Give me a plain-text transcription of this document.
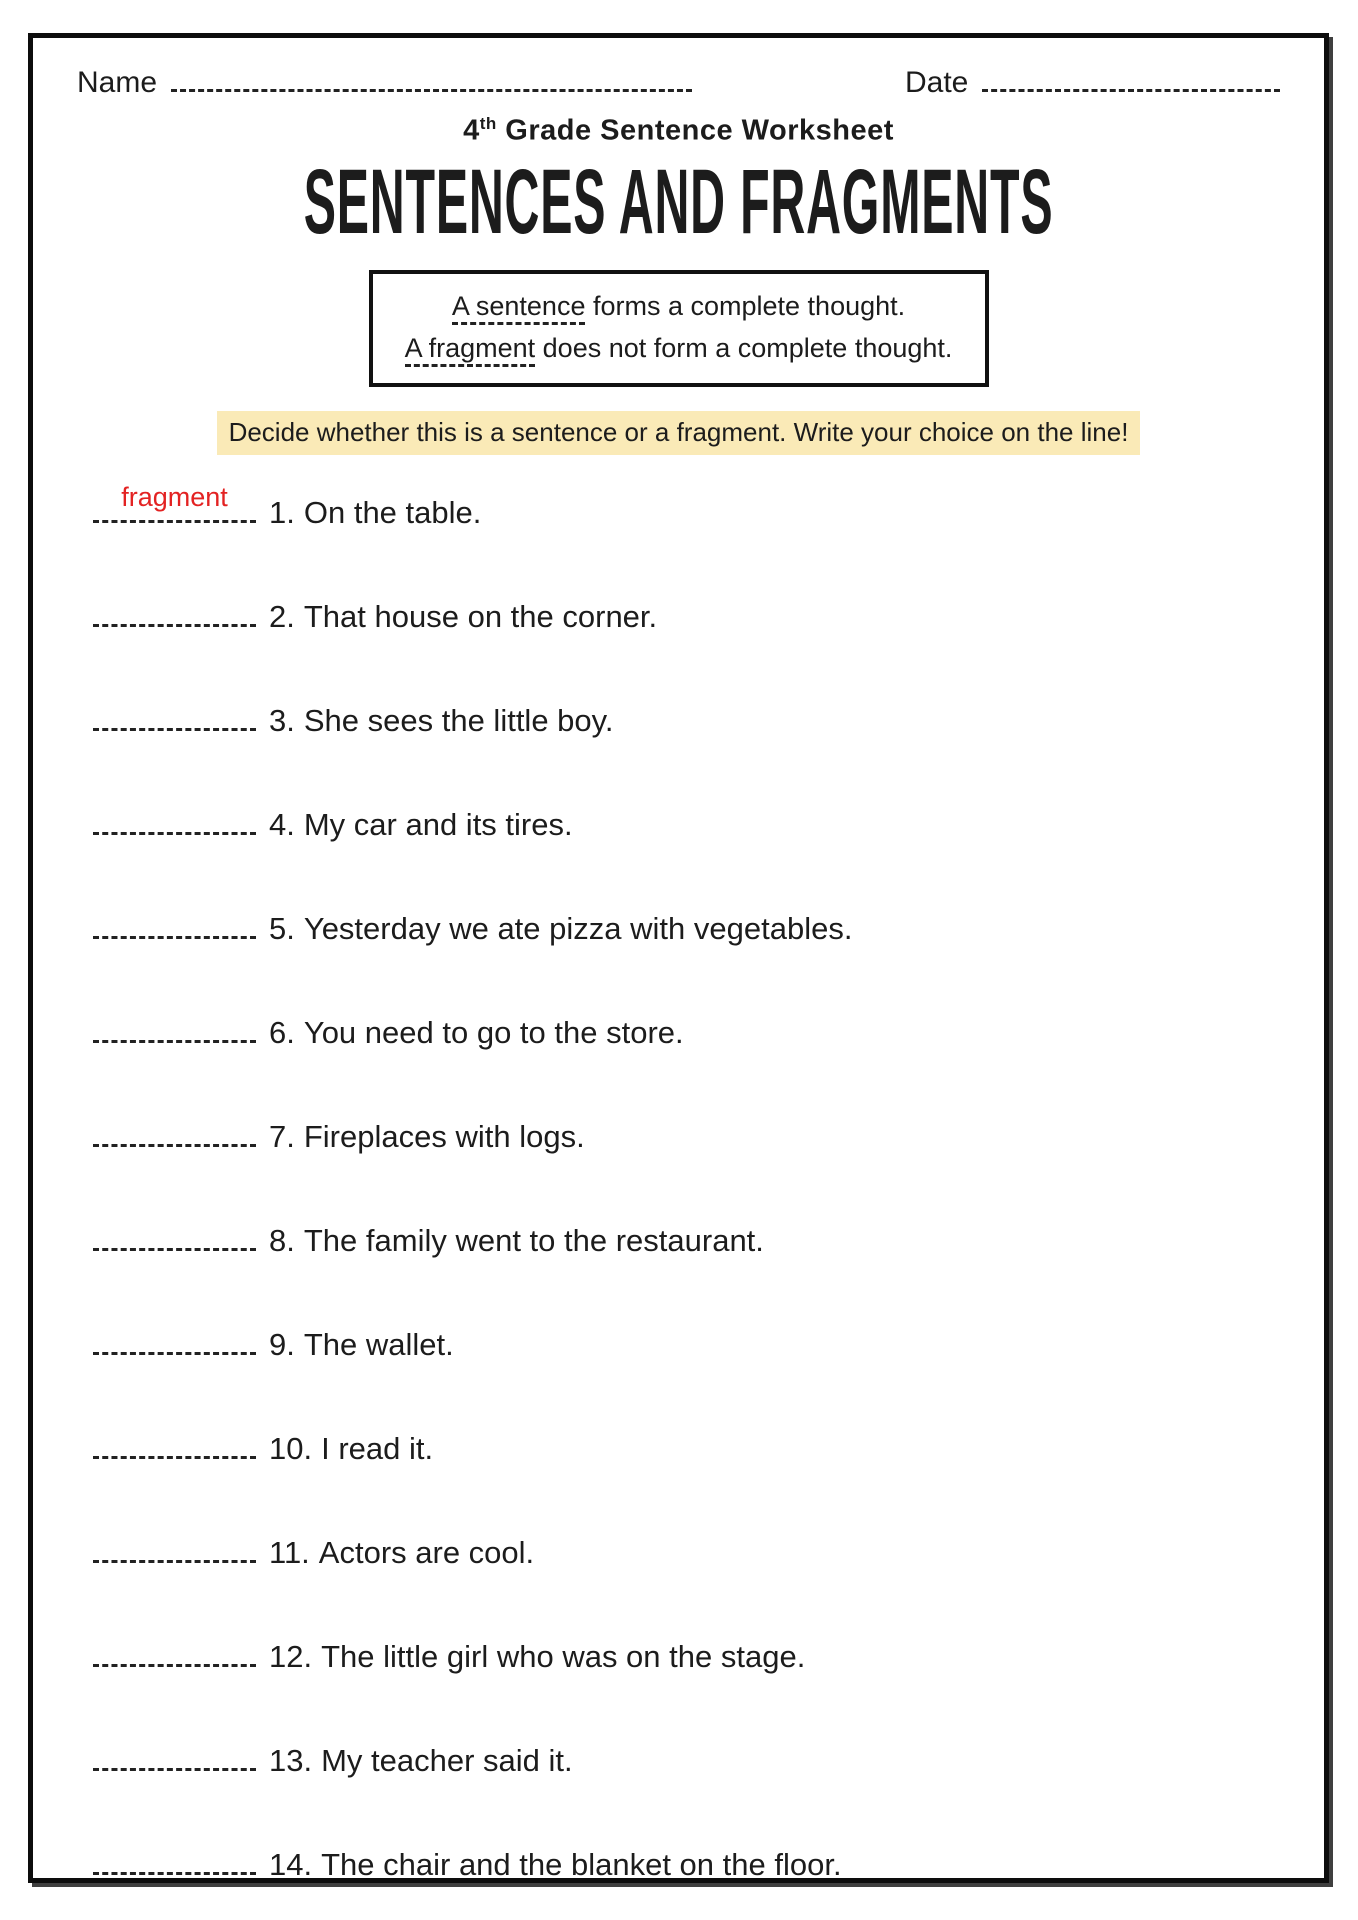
Name	Date
4th Grade Sentence Worksheet
SENTENCES AND FRAGMENTS
A sentence forms a complete thought.
A fragment does not form a complete thought.
Decide whether this is a sentence or a fragment. Write your choice on the line!
fragment	1. On the table.
2. That house on the corner.
3. She sees the little boy.
4. My car and its tires.
5. Yesterday we ate pizza with vegetables.
6. You need to go to the store.
7. Fireplaces with logs.
8. The family went to the restaurant.
9. The wallet.
10. I read it.
11. Actors are cool.
12. The little girl who was on the stage.
13. My teacher said it.
14. The chair and the blanket on the floor.
